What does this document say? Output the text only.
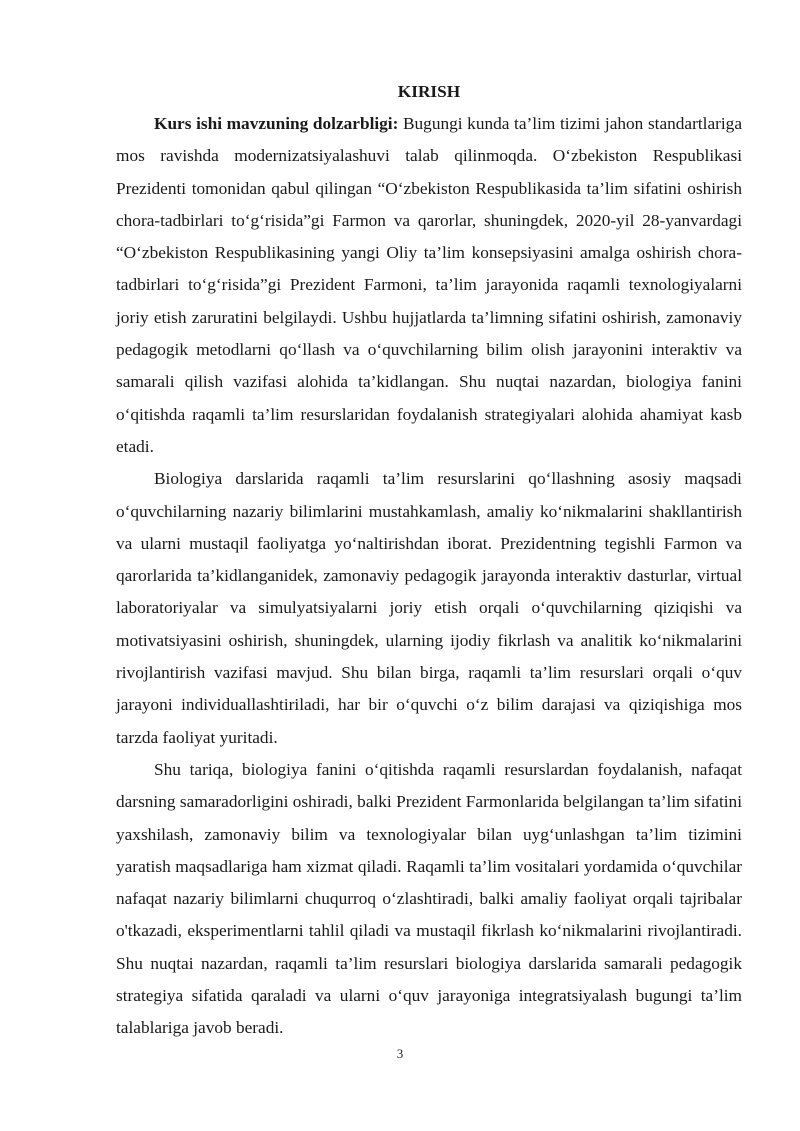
KIRISH

Kurs ishi mavzuning dolzarbligi: Bugungi kunda ta’lim tizimi jahon standartlariga mos ravishda modernizatsiyalashuvi talab qilinmoqda. O‘zbekiston Respublikasi Prezidenti tomonidan qabul qilingan “O‘zbekiston Respublikasida ta’lim sifatini oshirish chora-tadbirlari to‘g‘risida”gi Farmon va qarorlar, shuningdek, 2020-yil 28-yanvardagi “O‘zbekiston Respublikasining yangi Oliy ta’lim konsepsiyasini amalga oshirish chora-tadbirlari to‘g‘risida”gi Prezident Farmoni, ta’lim jarayonida raqamli texnologiyalarni joriy etish zaruratini belgilaydi. Ushbu hujjatlarda ta’limning sifatini oshirish, zamonaviy pedagogik metodlarni qo‘llash va o‘quvchilarning bilim olish jarayonini interaktiv va samarali qilish vazifasi alohida ta’kidlangan. Shu nuqtai nazardan, biologiya fanini o‘qitishda raqamli ta’lim resurslaridan foydalanish strategiyalari alohida ahamiyat kasb etadi.

Biologiya darslarida raqamli ta’lim resurslarini qo‘llashning asosiy maqsadi o‘quvchilarning nazariy bilimlarini mustahkamlash, amaliy ko‘nikmalarini shakllantirish va ularni mustaqil faoliyatga yo‘naltirishdan iborat. Prezidentning tegishli Farmon va qarorlarida ta’kidlanganidek, zamonaviy pedagogik jarayonda interaktiv dasturlar, virtual laboratoriyalar va simulyatsiyalarni joriy etish orqali o‘quvchilarning qiziqishi va motivatsiyasini oshirish, shuningdek, ularning ijodiy fikrlash va analitik ko‘nikmalarini rivojlantirish vazifasi mavjud. Shu bilan birga, raqamli ta’lim resurslari orqali o‘quv jarayoni individuallashtiriladi, har bir o‘quvchi o‘z bilim darajasi va qiziqishiga mos tarzda faoliyat yuritadi.

Shu tariqa, biologiya fanini o‘qitishda raqamli resurslardan foydalanish, nafaqat darsning samaradorligini oshiradi, balki Prezident Farmonlarida belgilangan ta’lim sifatini yaxshilash, zamonaviy bilim va texnologiyalar bilan uyg‘unlashgan ta’lim tizimini yaratish maqsadlariga ham xizmat qiladi. Raqamli ta’lim vositalari yordamida o‘quvchilar nafaqat nazariy bilimlarni chuqurroq o‘zlashtiradi, balki amaliy faoliyat orqali tajribalar o'tkazadi, eksperimentlarni tahlil qiladi va mustaqil fikrlash ko‘nikmalarini rivojlantiradi. Shu nuqtai nazardan, raqamli ta’lim resurslari biologiya darslarida samarali pedagogik strategiya sifatida qaraladi va ularni o‘quv jarayoniga integratsiyalash bugungi ta’lim talablariga javob beradi.

3
